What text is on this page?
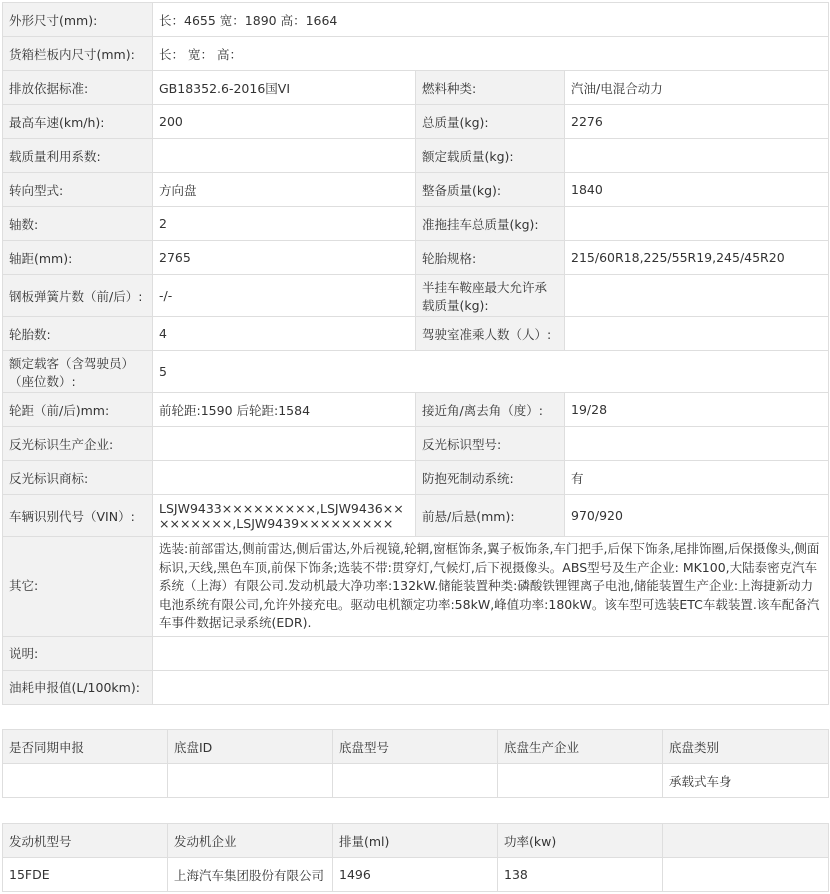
外形尺寸(mm):	长：4655 宽：1890 高：1664		
货箱栏板内尺寸(mm):	长： 宽： 高：		
排放依据标准:	GB18352.6-2016国VI	燃料种类:	汽油/电混合动力
最高车速(km/h):	200	总质量(kg):	2276
载质量利用系数:		额定载质量(kg):	
转向型式:	方向盘	整备质量(kg):	1840
轴数:	2	准拖挂车总质量(kg):	
轴距(mm):	2765	轮胎规格:	215/60R18,225/55R19,245/45R20
钢板弹簧片数（前/后）:	-/-	半挂车鞍座最大允许承载质量(kg):	
轮胎数:	4	驾驶室准乘人数（人）:	
额定载客（含驾驶员）（座位数）:	5		
轮距（前/后)mm:	前轮距:1590 后轮距:1584	接近角/离去角（度）:	19/28
反光标识生产企业:		反光标识型号:	
反光标识商标:		防抱死制动系统:	有
车辆识别代号（VIN）:	LSJW9433×××××××××,LSJW9436×××××××××,LSJW9439×××××××××	前悬/后悬(mm):	970/920
其它:	选装:前部雷达,侧前雷达,侧后雷达,外后视镜,轮辋,窗框饰条,翼子板饰条,车门把手,后保下饰条,尾排饰圈,后保摄像头,侧面标识,天线,黑色车顶,前保下饰条;选装不带:贯穿灯,气候灯,后下视摄像头。ABS型号及生产企业: MK100,大陆泰密克汽车系统（上海）有限公司.发动机最大净功率:132kW.储能装置种类:磷酸铁锂锂离子电池,储能装置生产企业:上海捷新动力电池系统有限公司,允许外接充电。驱动电机额定功率:58kW,峰值功率:180kW。该车型可选装ETC车载装置.该车配备汽车事件数据记录系统(EDR).		
说明:			
油耗申报值(L/100km):			
是否同期申报	底盘ID	底盘型号	底盘生产企业	底盘类别
				承载式车身
发动机型号	发动机企业	排量(ml)	功率(kw)	
15FDE	上海汽车集团股份有限公司	1496	138	
